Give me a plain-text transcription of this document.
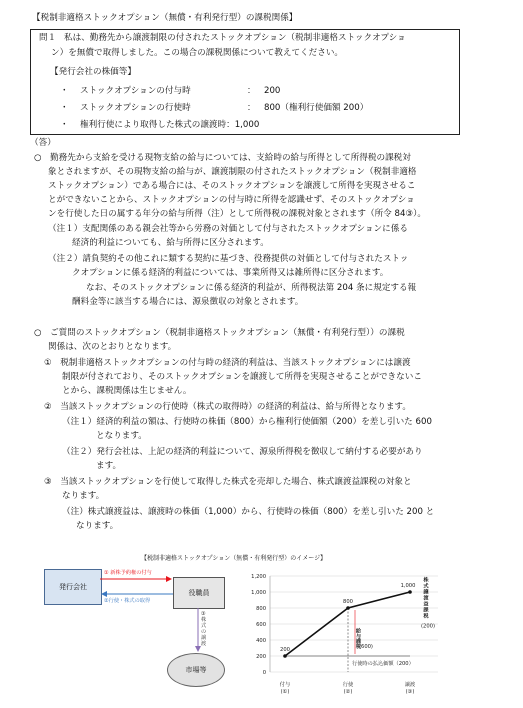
【税制非適格ストックオプション（無償・有利発行型）の課税関係】
問１ 私は、勤務先から譲渡制限の付されたストックオプション（税制非適格ストックオプショ
ン）を無償で取得しました。この場合の課税関係について教えてください。
【発行会社の株価等】
・ ストックオプションの付与時	： 200
・ ストックオプションの行使時	： 800（権利行使価額 200）
・ 権利行使により取得した株式の譲渡時：1,000
（答）
○　勤務先から支給を受ける現物支給の給与については、支給時の給与所得として所得税の課税対
象とされますが、その現物支給の給与が、譲渡制限の付されたストックオプション（税制非適格
ストックオプション）である場合には、そのストックオプションを譲渡して所得を実現させるこ
とができないことから、ストックオプションの付与時に所得を認識せず、そのストックオプショ
ンを行使した日の属する年分の給与所得（注）として所得税の課税対象とされます（所令 84③）。
（注１）支配関係のある親会社等から労務の対価として付与されたストックオプションに係る
経済的利益についても、給与所得に区分されます。
（注２）請負契約その他これに類する契約に基づき、役務提供の対価として付与されたストッ
クオプションに係る経済的利益については、事業所得又は雑所得に区分されます。
なお、そのストックオプションに係る経済的利益が、所得税法第 204 条に規定する報
酬料金等に該当する場合には、源泉徴収の対象とされます。
○　ご質問のストックオプション（税制非適格ストックオプション（無償・有利発行型））の課税
関係は、次のとおりとなります。
①　税制非適格ストックオプションの付与時の経済的利益は、当該ストックオプションには譲渡
制限が付されており、そのストックオプションを譲渡して所得を実現させることができないこ
とから、課税関係は生じません。
②　当該ストックオプションの行使時（株式の取得時）の経済的利益は、給与所得となります。
（注１）経済的利益の額は、行使時の株価（800）から権利行使価額（200）を差し引いた 600
となります。
（注２）発行会社は、上記の経済的利益について、源泉所得税を徴収して納付する必要があり
ます。
③　当該ストックオプションを行使して取得した株式を売却した場合、株式譲渡益課税の対象と
なります。
（注）株式譲渡益は、譲渡時の株価（1,000）から、行使時の株価（800）を差し引いた 200 と
なります。
【税制非適格ストックオプション（無償・有利発行型）のイメージ】
発行会社
役職員
市場等
① 新株予約権の付与
②行使・株式の取得
③
株
式
の
譲
渡
0
200
400
600
800
1,000
1,200
付与
(①)
行使
(②)
譲渡
(③)
行使時の払込価額（200）
200
800
1,000
給与課税
(600)
株
式
譲
渡
益
課
税
(200)
